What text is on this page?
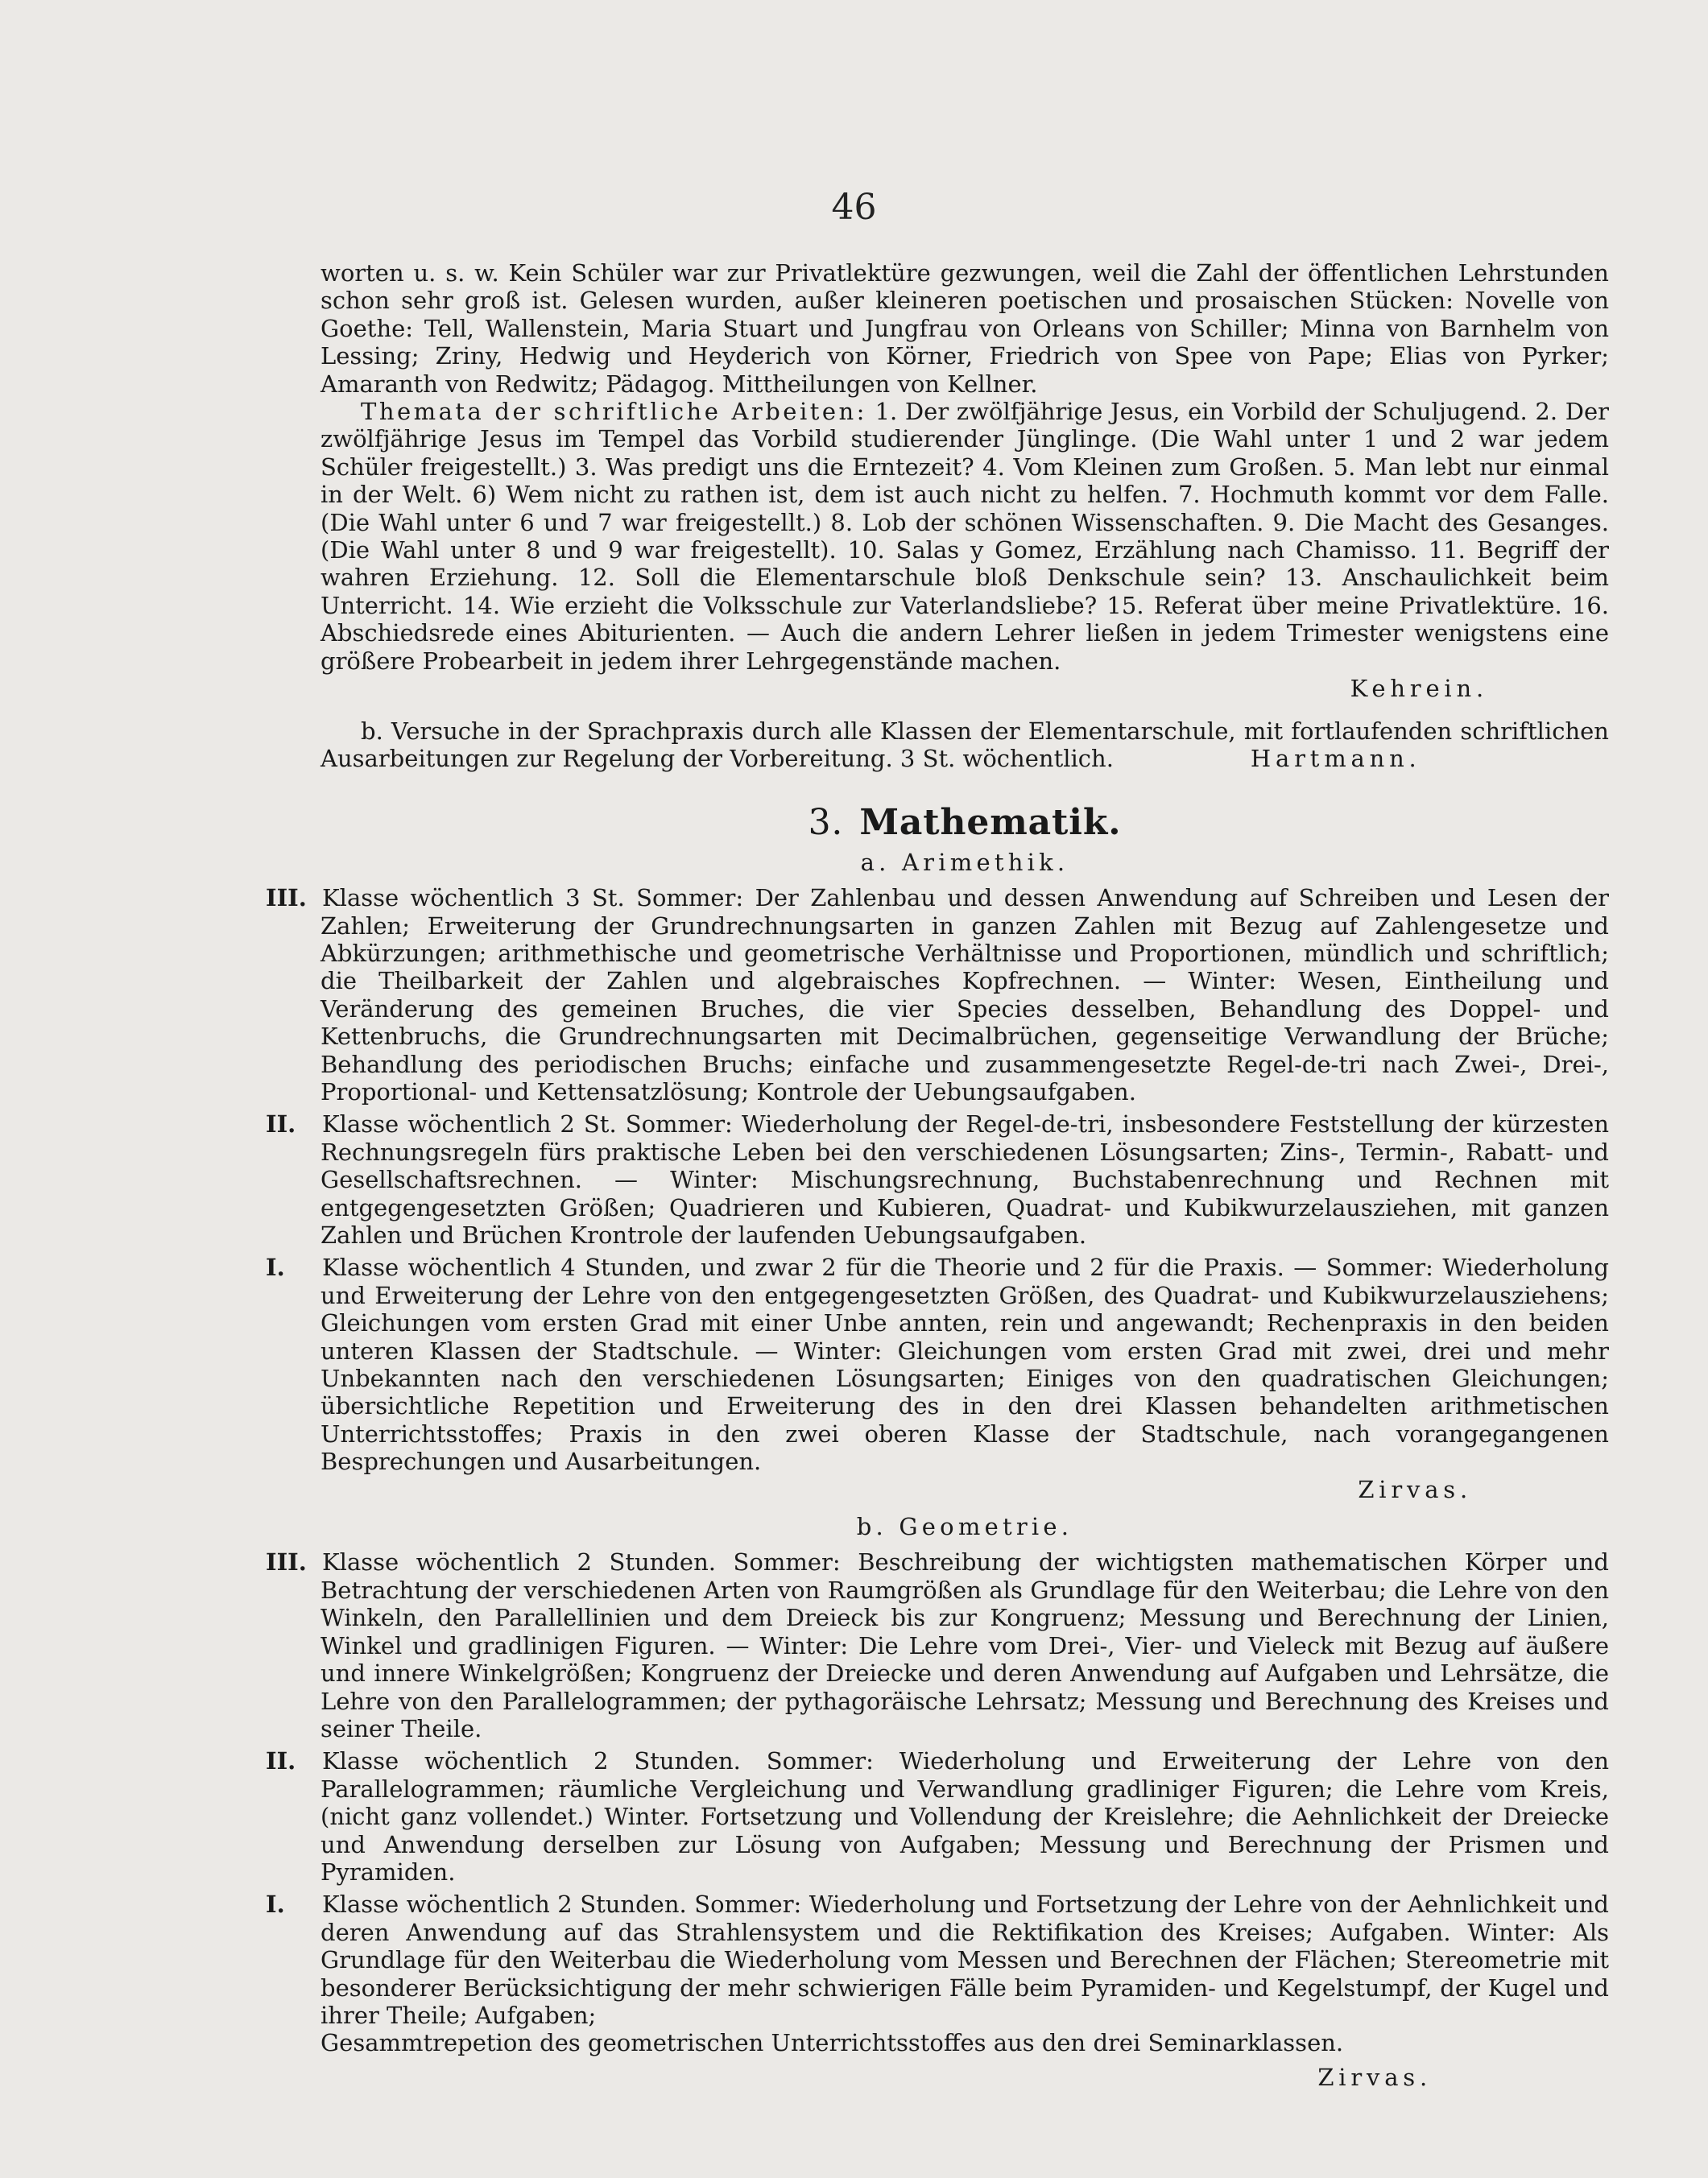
46

worten u. s. w. Kein Schüler war zur Privatlektüre gezwungen, weil die Zahl der öffentlichen Lehrstunden schon sehr groß ist. Gelesen wurden, außer kleineren poetischen und prosaischen Stücken: Novelle von Goethe: Tell, Wallenstein, Maria Stuart und Jungfrau von Orleans von Schiller; Minna von Barnhelm von Lessing; Zriny, Hedwig und Heyderich von Körner, Friedrich von Spee von Pape; Elias von Pyrker; Amaranth von Redwitz; Pädagog. Mittheilungen von Kellner.

Themata der schriftliche Arbeiten: 1. Der zwölfjährige Jesus, ein Vorbild der Schuljugend. 2. Der zwölfjährige Jesus im Tempel das Vorbild studierender Jünglinge. (Die Wahl unter 1 und 2 war jedem Schüler freigestellt.) 3. Was predigt uns die Erntezeit? 4. Vom Kleinen zum Großen. 5. Man lebt nur einmal in der Welt. 6) Wem nicht zu rathen ist, dem ist auch nicht zu helfen. 7. Hochmuth kommt vor dem Falle. (Die Wahl unter 6 und 7 war freigestellt.) 8. Lob der schönen Wissenschaften. 9. Die Macht des Gesanges. (Die Wahl unter 8 und 9 war freigestellt). 10. Salas y Gomez, Erzählung nach Chamisso. 11. Begriff der wahren Erziehung. 12. Soll die Elementarschule bloß Denkschule sein? 13. Anschaulichkeit beim Unterricht. 14. Wie erzieht die Volksschule zur Vaterlandsliebe? 15. Referat über meine Privatlektüre. 16. Abschiedsrede eines Abiturienten. — Auch die andern Lehrer ließen in jedem Trimester wenigstens eine größere Probearbeit in jedem ihrer Lehrgegenstände machen.

Kehrein.

b. Versuche in der Sprachpraxis durch alle Klassen der Elementarschule, mit fortlaufenden schriftlichen Ausarbeitungen zur Regelung der Vorbereitung. 3 St. wöchentlich.	Hartmann.

3. Mathematik.
a. Arimethik.

III. Klasse wöchentlich 3 St. Sommer: Der Zahlenbau und dessen Anwendung auf Schreiben und Lesen der Zahlen; Erweiterung der Grundrechnungsarten in ganzen Zahlen mit Bezug auf Zahlengesetze und Abkürzungen; arithmethische und geometrische Verhältnisse und Proportionen, mündlich und schriftlich; die Theilbarkeit der Zahlen und algebraisches Kopfrechnen. — Winter: Wesen, Eintheilung und Veränderung des gemeinen Bruches, die vier Species desselben, Behandlung des Doppel- und Kettenbruchs, die Grundrechnungsarten mit Decimalbrüchen, gegenseitige Verwandlung der Brüche; Behandlung des periodischen Bruchs; einfache und zusammengesetzte Regel-de-tri nach Zwei-, Drei-, Proportional- und Kettensatzlösung; Kontrole der Uebungsaufgaben.

II. Klasse wöchentlich 2 St. Sommer: Wiederholung der Regel-de-tri, insbesondere Feststellung der kürzesten Rechnungsregeln fürs praktische Leben bei den verschiedenen Lösungsarten; Zins-, Termin-, Rabatt- und Gesellschaftsrechnen. — Winter: Mischungsrechnung, Buchstabenrechnung und Rechnen mit entgegengesetzten Größen; Quadrieren und Kubieren, Quadrat- und Kubikwurzelausziehen, mit ganzen Zahlen und Brüchen Krontrole der laufenden Uebungsaufgaben.

I. Klasse wöchentlich 4 Stunden, und zwar 2 für die Theorie und 2 für die Praxis. — Sommer: Wiederholung und Erweiterung der Lehre von den entgegengesetzten Größen, des Quadrat- und Kubikwurzelausziehens; Gleichungen vom ersten Grad mit einer Unbe annten, rein und angewandt; Rechenpraxis in den beiden unteren Klassen der Stadtschule. — Winter: Gleichungen vom ersten Grad mit zwei, drei und mehr Unbekannten nach den verschiedenen Lösungsarten; Einiges von den quadratischen Gleichungen; übersichtliche Repetition und Erweiterung des in den drei Klassen behandelten arithmetischen Unterrichtsstoffes; Praxis in den zwei oberen Klasse der Stadtschule, nach vorangegangenen Besprechungen und Ausarbeitungen.

Zirvas.

b. Geometrie.

III. Klasse wöchentlich 2 Stunden. Sommer: Beschreibung der wichtigsten mathematischen Körper und Betrachtung der verschiedenen Arten von Raumgrößen als Grundlage für den Weiterbau; die Lehre von den Winkeln, den Parallellinien und dem Dreieck bis zur Kongruenz; Messung und Berechnung der Linien, Winkel und gradlinigen Figuren. — Winter: Die Lehre vom Drei-, Vier- und Vieleck mit Bezug auf äußere und innere Winkelgrößen; Kongruenz der Dreiecke und deren Anwendung auf Aufgaben und Lehrsätze, die Lehre von den Parallelogrammen; der pythagoräische Lehrsatz; Messung und Berechnung des Kreises und seiner Theile.

II. Klasse wöchentlich 2 Stunden. Sommer: Wiederholung und Erweiterung der Lehre von den Parallelogrammen; räumliche Vergleichung und Verwandlung gradliniger Figuren; die Lehre vom Kreis, (nicht ganz vollendet.) Winter. Fortsetzung und Vollendung der Kreislehre; die Aehnlichkeit der Dreiecke und Anwendung derselben zur Lösung von Aufgaben; Messung und Berechnung der Prismen und Pyramiden.

I. Klasse wöchentlich 2 Stunden. Sommer: Wiederholung und Fortsetzung der Lehre von der Aehnlichkeit und deren Anwendung auf das Strahlensystem und die Rektifikation des Kreises; Aufgaben. Winter: Als Grundlage für den Weiterbau die Wiederholung vom Messen und Berechnen der Flächen; Stereometrie mit besonderer Berücksichtigung der mehr schwierigen Fälle beim Pyramiden- und Kegelstumpf, der Kugel und ihrer Theile; Aufgaben;

Gesammtrepetion des geometrischen Unterrichtsstoffes aus den drei Seminarklassen.

Zirvas.
